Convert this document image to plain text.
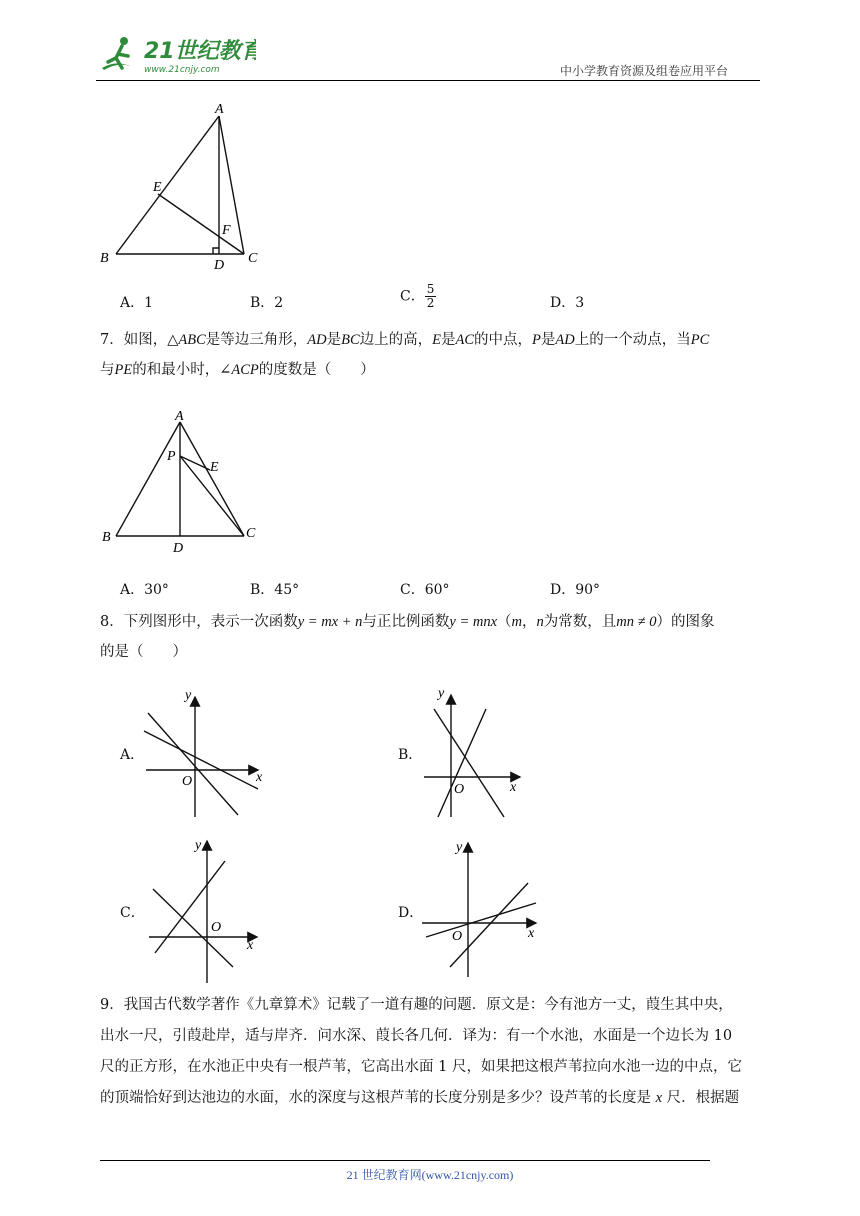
21世纪教育
www.21cnjy.com	中小学教育资源及组卷应用平台
A
E
F
B	D C
A．1	B．2	C． $\frac{5}{2}$	D．3
7．如图，△ABC是等边三角形，AD是BC边上的高，E是AC的中点，P是AD上的一个动点，当PC
与PE的和最小时，∠ACP的度数是（　　）
A
P
E
B
D
C
A．30°	B．45°	C．60°	D．90°
8．下列图形中，表示一次函数y = mx + n与正比例函数y = mnx（m，n为常数，且mn ≠ 0）的图象
的是（　　）
A．	B．
C．	D．
y
x
O
y
x
O
y
x
O
y
x
O
9．我国古代数学著作《九章算术》记载了一道有趣的问题．原文是：今有池方一丈，葭生其中央，
出水一尺，引葭赴岸，适与岸齐．问水深、葭长各几何．译为：有一个水池，水面是一个边长为 10
尺的正方形，在水池正中央有一根芦苇，它高出水面 1 尺，如果把这根芦苇拉向水池一边的中点，它
的顶端恰好到达池边的水面，水的深度与这根芦苇的长度分别是多少？设芦苇的长度是 x 尺．根据题
21 世纪教育网(www.21cnjy.com)
